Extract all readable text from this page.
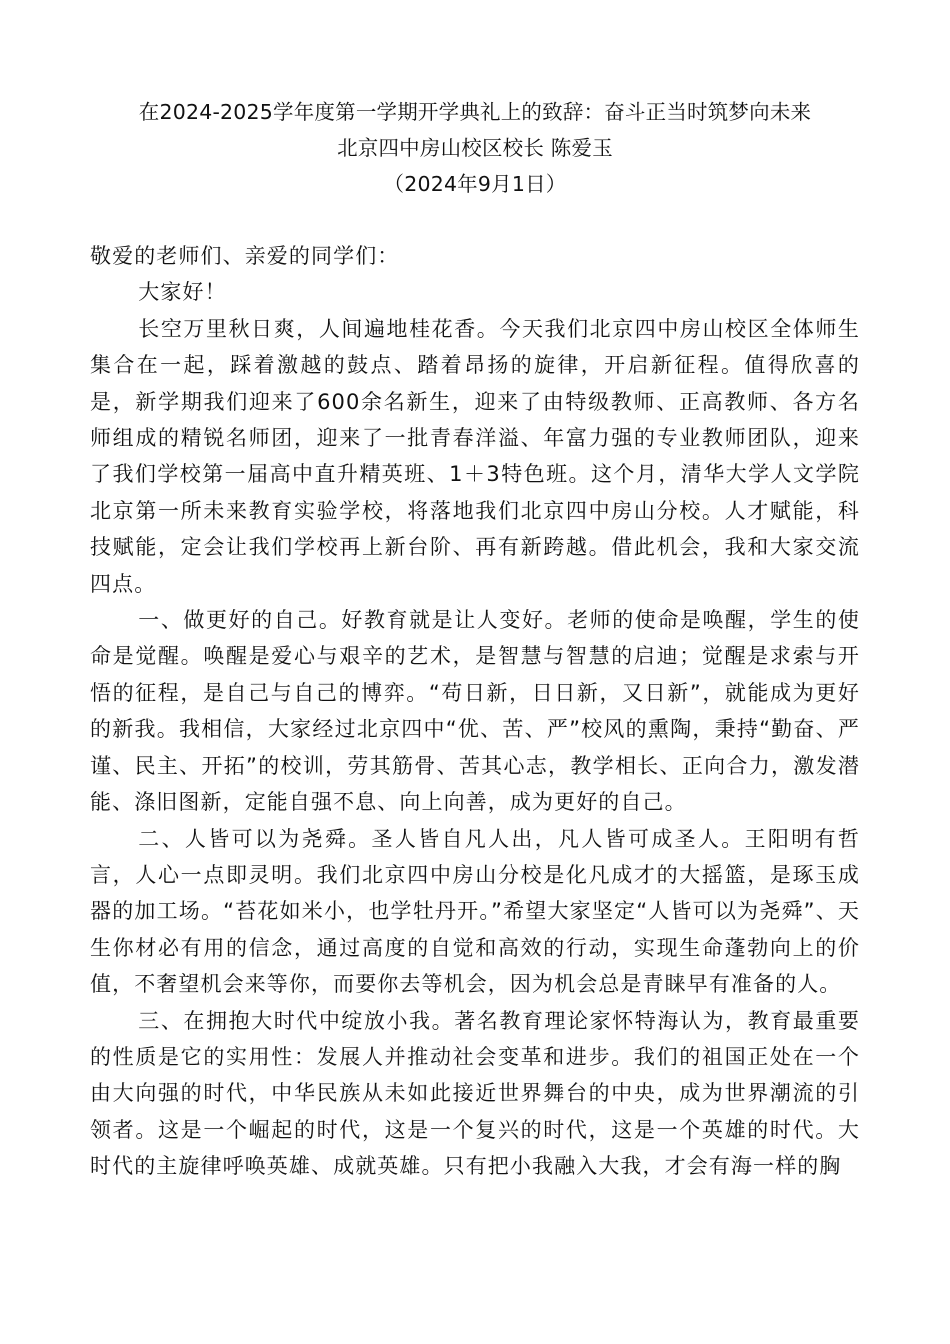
在2024-2025学年度第一学期开学典礼上的致辞：奋斗正当时筑梦向未来
北京四中房山校区校长 陈爱玉
（2024年9月1日）

敬爱的老师们、亲爱的同学们：

大家好！

长空万里秋日爽，人间遍地桂花香。今天我们北京四中房山校区全体师生集合在一起，踩着激越的鼓点、踏着昂扬的旋律，开启新征程。值得欣喜的是，新学期我们迎来了600余名新生，迎来了由特级教师、正高教师、各方名师组成的精锐名师团，迎来了一批青春洋溢、年富力强的专业教师团队，迎来了我们学校第一届高中直升精英班、1＋3特色班。这个月，清华大学人文学院北京第一所未来教育实验学校，将落地我们北京四中房山分校。人才赋能，科技赋能，定会让我们学校再上新台阶、再有新跨越。借此机会，我和大家交流四点。

一、做更好的自己。好教育就是让人变好。老师的使命是唤醒，学生的使命是觉醒。唤醒是爱心与艰辛的艺术，是智慧与智慧的启迪；觉醒是求索与开悟的征程，是自己与自己的博弈。“苟日新，日日新，又日新”，就能成为更好的新我。我相信，大家经过北京四中“优、苦、严”校风的熏陶，秉持“勤奋、严谨、民主、开拓”的校训，劳其筋骨、苦其心志，教学相长、正向合力，激发潜能、涤旧图新，定能自强不息、向上向善，成为更好的自己。

二、人皆可以为尧舜。圣人皆自凡人出，凡人皆可成圣人。王阳明有哲言，人心一点即灵明。我们北京四中房山分校是化凡成才的大摇篮，是琢玉成器的加工场。“苔花如米小，也学牡丹开。”希望大家坚定“人皆可以为尧舜”、天生你材必有用的信念，通过高度的自觉和高效的行动，实现生命蓬勃向上的价值，不奢望机会来等你，而要你去等机会，因为机会总是青睐早有准备的人。

三、在拥抱大时代中绽放小我。著名教育理论家怀特海认为，教育最重要的性质是它的实用性：发展人并推动社会变革和进步。我们的祖国正处在一个由大向强的时代，中华民族从未如此接近世界舞台的中央，成为世界潮流的引领者。这是一个崛起的时代，这是一个复兴的时代，这是一个英雄的时代。大时代的主旋律呼唤英雄、成就英雄。只有把小我融入大我，才会有海一样的胸
